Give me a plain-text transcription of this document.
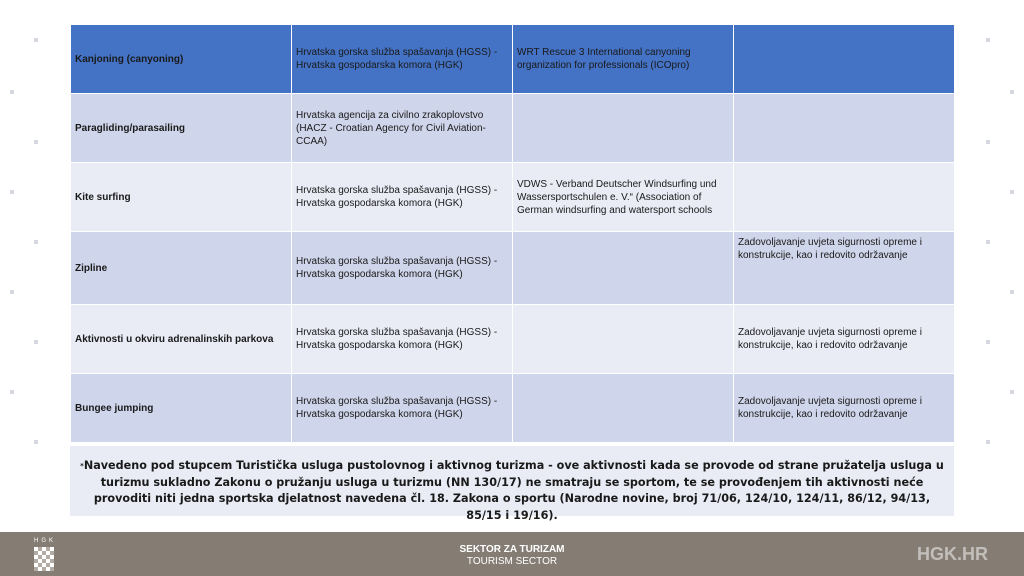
Kanjoning (canyoning)	Hrvatska gorska služba spašavanja (HGSS) - Hrvatska gospodarska komora (HGK)	WRT Rescue 3 International canyoning organization for professionals (ICOpro)	
Paragliding/parasailing	Hrvatska agencija za civilno zrakoplovstvo (HACZ - Croatian Agency for Civil Aviation- CCAA)		
Kite surfing	Hrvatska gorska služba spašavanja (HGSS) - Hrvatska gospodarska komora (HGK)	VDWS - Verband Deutscher Windsurfing und Wassersportschulen e. V.“ (Association of German windsurfing and watersport schools	
Zipline	Hrvatska gorska služba spašavanja (HGSS) - Hrvatska gospodarska komora (HGK)		Zadovoljavanje uvjeta sigurnosti opreme i konstrukcije, kao i redovito održavanje
Aktivnosti u okviru adrenalinskih parkova	Hrvatska gorska služba spašavanja (HGSS) - Hrvatska gospodarska komora (HGK)		Zadovoljavanje uvjeta sigurnosti opreme i konstrukcije, kao i redovito održavanje
Bungee jumping	Hrvatska gorska služba spašavanja (HGSS) - Hrvatska gospodarska komora (HGK)		Zadovoljavanje uvjeta sigurnosti opreme i konstrukcije, kao i redovito održavanje
*Navedeno pod stupcem Turistička usluga pustolovnog i aktivnog turizma - ove aktivnosti kada se provode od strane pružatelja usluga u turizmu sukladno Zakonu o pružanju usluga u turizmu (NN 130/17) ne smatraju se sportom, te se provođenjem tih aktivnosti neće provoditi niti jedna sportska djelatnost navedena čl. 18. Zakona o sportu (Narodne novine, broj 71/06, 124/10, 124/11, 86/12, 94/13, 85/15 i 19/16).
HGK
SEKTOR ZA TURIZAM
TOURISM SECTOR	HGK.HR
